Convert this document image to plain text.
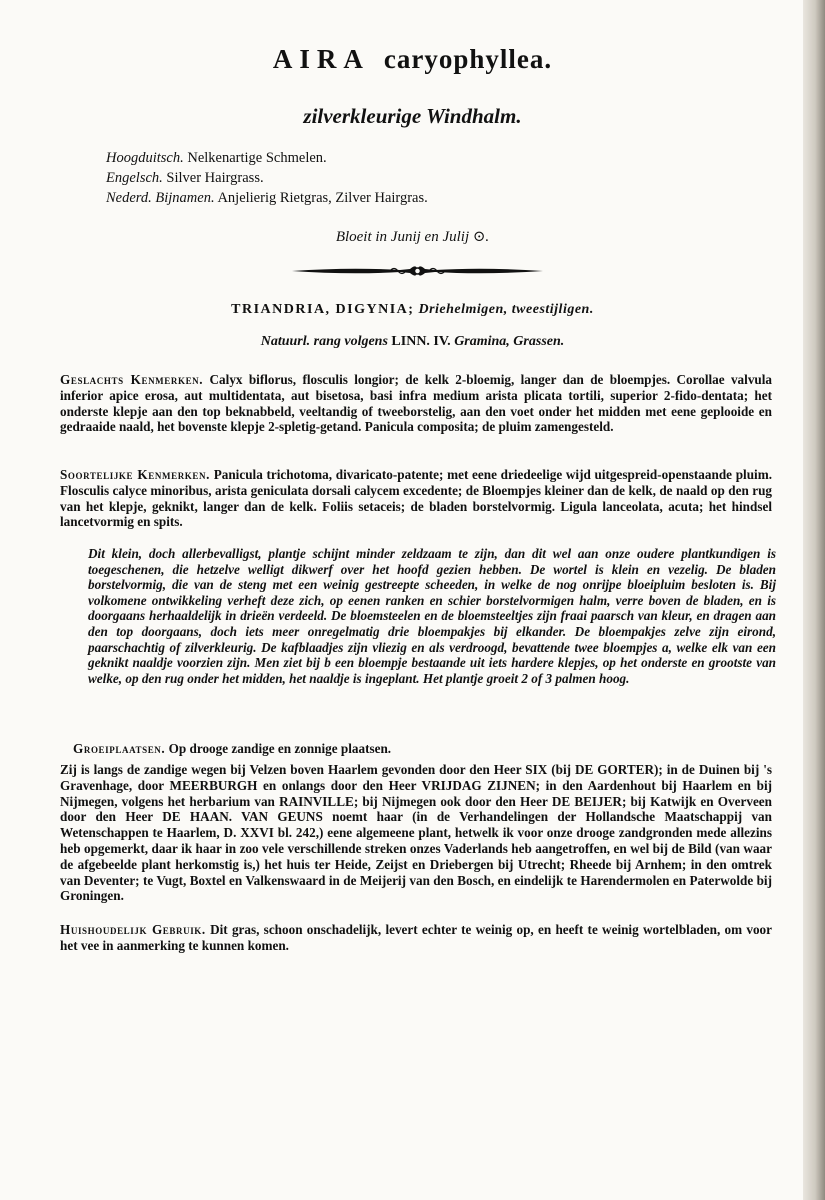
AIRA caryophyllea.
zilverkleurige Windhalm.
Hoogduitsch. Nelkenartige Schmelen.
Engelsch. Silver Hairgrass.
Nederd. Bijnamen. Anjelierig Rietgras, Zilver Hairgras.
Bloeit in Junij en Julij ⊙.
TRIANDRIA, DIGYNIA; Driehelmigen, tweestijligen.
Natuurl. rang volgens LINN. IV. Gramina, Grassen.

Geslachts Kenmerken. Calyx biflorus, flosculis longior; de kelk 2-bloemig, langer dan de bloempjes. Corollae valvula inferior apice erosa, aut multidentata, aut bisetosa, basi infra medium arista plicata tortili, superior 2-fido-dentata; het onderste klepje aan den top beknabbeld, veeltandig of tweeborstelig, aan den voet onder het midden met eene geplooide en gedraaide naald, het bovenste klepje 2-spletig-getand. Panicula composita; de pluim zamengesteld.

Soortelijke Kenmerken. Panicula trichotoma, divaricato-patente; met eene driedeelige wijd uitgespreid-openstaande pluim. Flosculis calyce minoribus, arista geniculata dorsali calycem excedente; de Bloempjes kleiner dan de kelk, de naald op den rug van het klepje, geknikt, langer dan de kelk. Foliis setaceis; de bladen borstelvormig. Ligula lanceolata, acuta; het hindsel lancetvormig en spits.

Dit klein, doch allerbevalligst, plantje schijnt minder zeldzaam te zijn, dan dit wel aan onze oudere plantkundigen is toegeschenen, die hetzelve welligt dikwerf over het hoofd gezien hebben. De wortel is klein en vezelig. De bladen borstelvormig, die van de steng met een weinig gestreepte scheeden, in welke de nog onrijpe bloeipluim besloten is. Bij volkomene ontwikkeling verheft deze zich, op eenen ranken en schier borstelvormigen halm, verre boven de bladen, en is doorgaans herhaaldelijk in drieën verdeeld. De bloemsteelen en de bloemsteeltjes zijn fraai paarsch van kleur, en dragen aan den top doorgaans, doch iets meer onregelmatig drie bloempakjes bij elkander. De bloempakjes zelve zijn eirond, paarschachtig of zilverkleurig. De kafblaadjes zijn vliezig en als verdroogd, bevattende twee bloempjes a, welke elk van een geknikt naaldje voorzien zijn. Men ziet bij b een bloempje bestaande uit iets hardere klepjes, op het onderste en grootste van welke, op den rug onder het midden, het naaldje is ingeplant. Het plantje groeit 2 of 3 palmen hoog.

Groeiplaatsen. Op drooge zandige en zonnige plaatsen.

Zij is langs de zandige wegen bij Velzen boven Haarlem gevonden door den Heer SIX (bij DE GORTER); in de Duinen bij 's Gravenhage, door MEERBURGH en onlangs door den Heer VRIJDAG ZIJNEN; in den Aardenhout bij Haarlem en bij Nijmegen, volgens het herbarium van RAINVILLE; bij Nijmegen ook door den Heer DE BEIJER; bij Katwijk en Overveen door den Heer DE HAAN. VAN GEUNS noemt haar (in de Verhandelingen der Hollandsche Maatschappij van Wetenschappen te Haarlem, D. XXVI bl. 242,) eene algemeene plant, hetwelk ik voor onze drooge zandgronden mede allezins heb opgemerkt, daar ik haar in zoo vele verschillende streken onzes Vaderlands heb aangetroffen, en wel bij de Bild (van waar de afgebeelde plant herkomstig is,) het huis ter Heide, Zeijst en Driebergen bij Utrecht; Rheede bij Arnhem; in den omtrek van Deventer; te Vugt, Boxtel en Valkenswaard in de Meijerij van den Bosch, en eindelijk te Harendermolen en Paterwolde bij Groningen.

Huishoudelijk Gebruik. Dit gras, schoon onschadelijk, levert echter te weinig op, en heeft te weinig wortelbladen, om voor het vee in aanmerking te kunnen komen.
